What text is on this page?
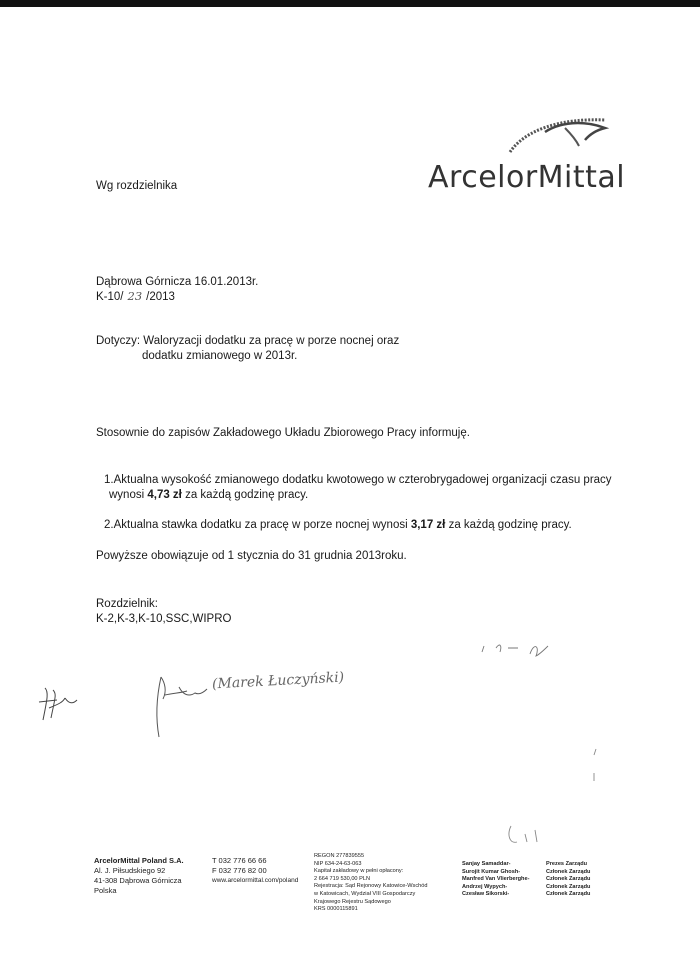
Wg rozdzielnika	ArcelorMittal
Dąbrowa Górnicza 16.01.2013r.
K-10/ 23 /2013
Dotyczy: Waloryzacji dodatku za pracę w porze nocnej oraz
dodatku zmianowego w 2013r.
Stosownie do zapisów Zakładowego Układu Zbiorowego Pracy informuję.
1.Aktualna wysokość zmianowego dodatku kwotowego w czterobrygadowej organizacji czasu pracy
wynosi 4,73 zł za każdą godzinę pracy.
2.Aktualna stawka dodatku za pracę w porze nocnej wynosi 3,17 zł za każdą godzinę pracy.
Powyższe obowiązuje od 1 stycznia do 31 grudnia 2013roku.
Rozdzielnik:
K-2,K-3,K-10,SSC,WIPRO
(Marek Łuczyński)
ArcelorMittal Poland S.A.
Al. J. Piłsudskiego 92
41-308 Dąbrowa Górnicza
Polska
T 032 776 66 66
F 032 776 82 00
www.arcelormittal.com/poland
REGON 277839555
NIP 634-24-63-063
Kapitał zakładowy w pełni opłacony:
2 664 719 530,00 PLN
Rejestracja: Sąd Rejonowy Katowice-Wschód
w Katowicach, Wydział VIII Gospodarczy
Krajowego Rejestru Sądowego
KRS 0000115891
Sanjay Samaddar-
Surojit Kumar Ghosh-
Manfred Van Vlierberghe-
Andrzej Wypych-
Czesław Sikorski-
Prezes Zarządu
Członek Zarządu
Członek Zarządu
Członek Zarządu
Członek Zarządu
